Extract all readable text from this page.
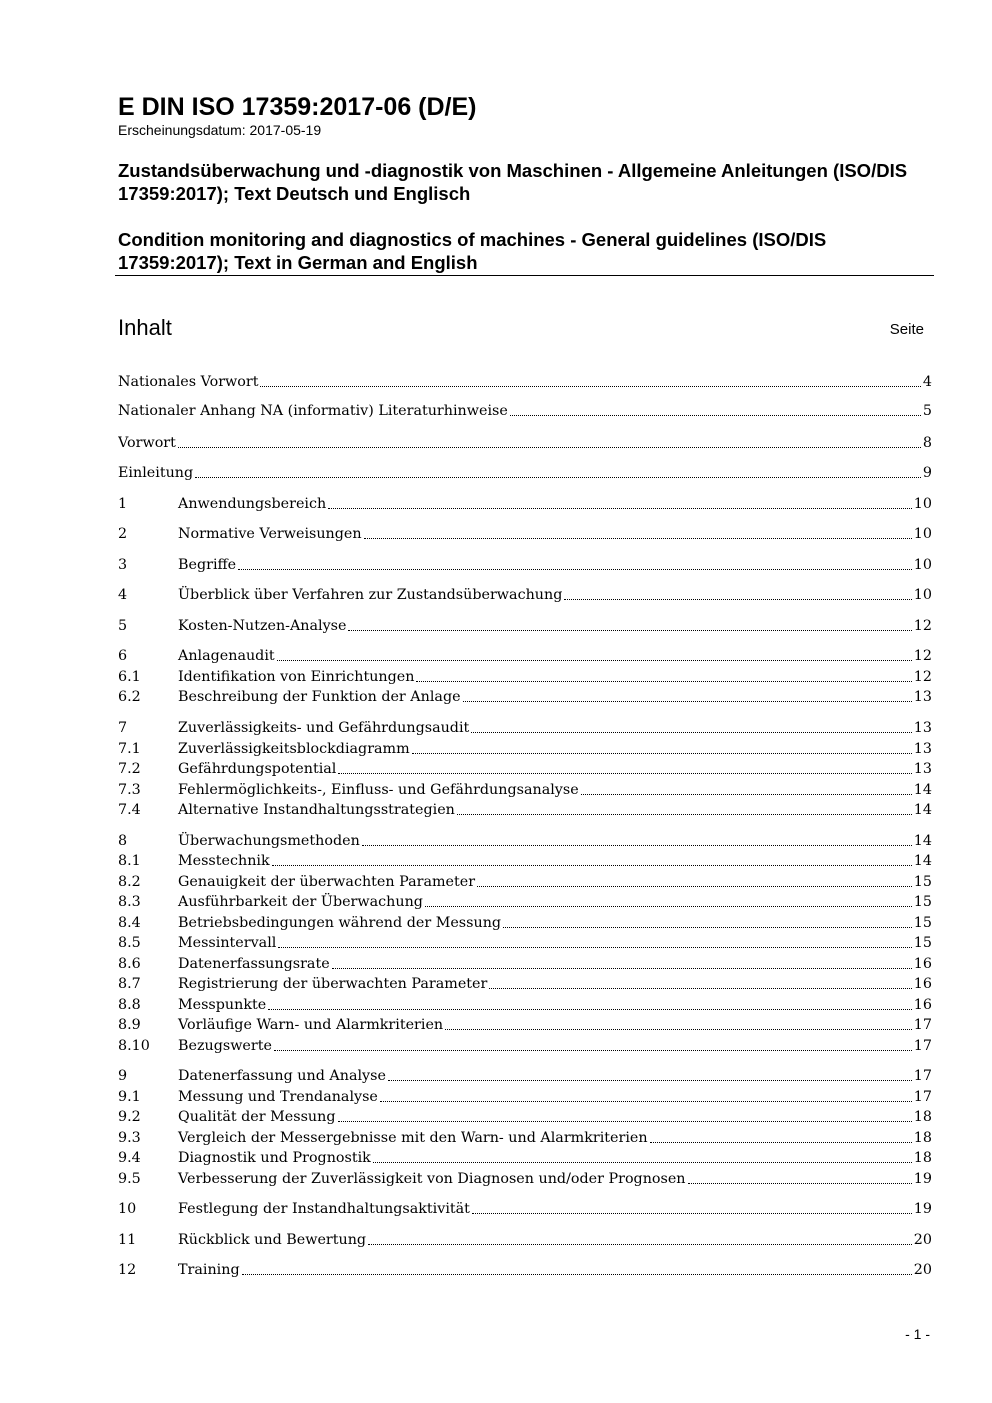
E DIN ISO 17359:2017-06 (D/E)
Erscheinungsdatum: 2017-05-19
Zustandsüberwachung und -diagnostik von Maschinen - Allgemeine Anleitungen (ISO/DIS 17359:2017); Text Deutsch und Englisch
Condition monitoring and diagnostics of machines - General guidelines (ISO/DIS 17359:2017); Text in German and English
Inhalt	Seite
Nationales Vorwort	4
Nationaler Anhang NA (informativ) Literaturhinweise	5
Vorwort	8
Einleitung	9
1	Anwendungsbereich	10
2	Normative Verweisungen	10
3	Begriffe	10
4	Überblick über Verfahren zur Zustandsüberwachung	10
5	Kosten-Nutzen-Analyse	12
6	Anlagenaudit	12
6.1	Identifikation von Einrichtungen	12
6.2	Beschreibung der Funktion der Anlage	13
7	Zuverlässigkeits- und Gefährdungsaudit	13
7.1	Zuverlässigkeitsblockdiagramm	13
7.2	Gefährdungspotential	13
7.3	Fehlermöglichkeits-, Einfluss- und Gefährdungsanalyse	14
7.4	Alternative Instandhaltungsstrategien	14
8	Überwachungsmethoden	14
8.1	Messtechnik	14
8.2	Genauigkeit der überwachten Parameter	15
8.3	Ausführbarkeit der Überwachung	15
8.4	Betriebsbedingungen während der Messung	15
8.5	Messintervall	15
8.6	Datenerfassungsrate	16
8.7	Registrierung der überwachten Parameter	16
8.8	Messpunkte	16
8.9	Vorläufige Warn- und Alarmkriterien	17
8.10	Bezugswerte	17
9	Datenerfassung und Analyse	17
9.1	Messung und Trendanalyse	17
9.2	Qualität der Messung	18
9.3	Vergleich der Messergebnisse mit den Warn- und Alarmkriterien	18
9.4	Diagnostik und Prognostik	18
9.5	Verbesserung der Zuverlässigkeit von Diagnosen und/oder Prognosen	19
10	Festlegung der Instandhaltungsaktivität	19
11	Rückblick und Bewertung	20
12	Training	20
- 1 -
